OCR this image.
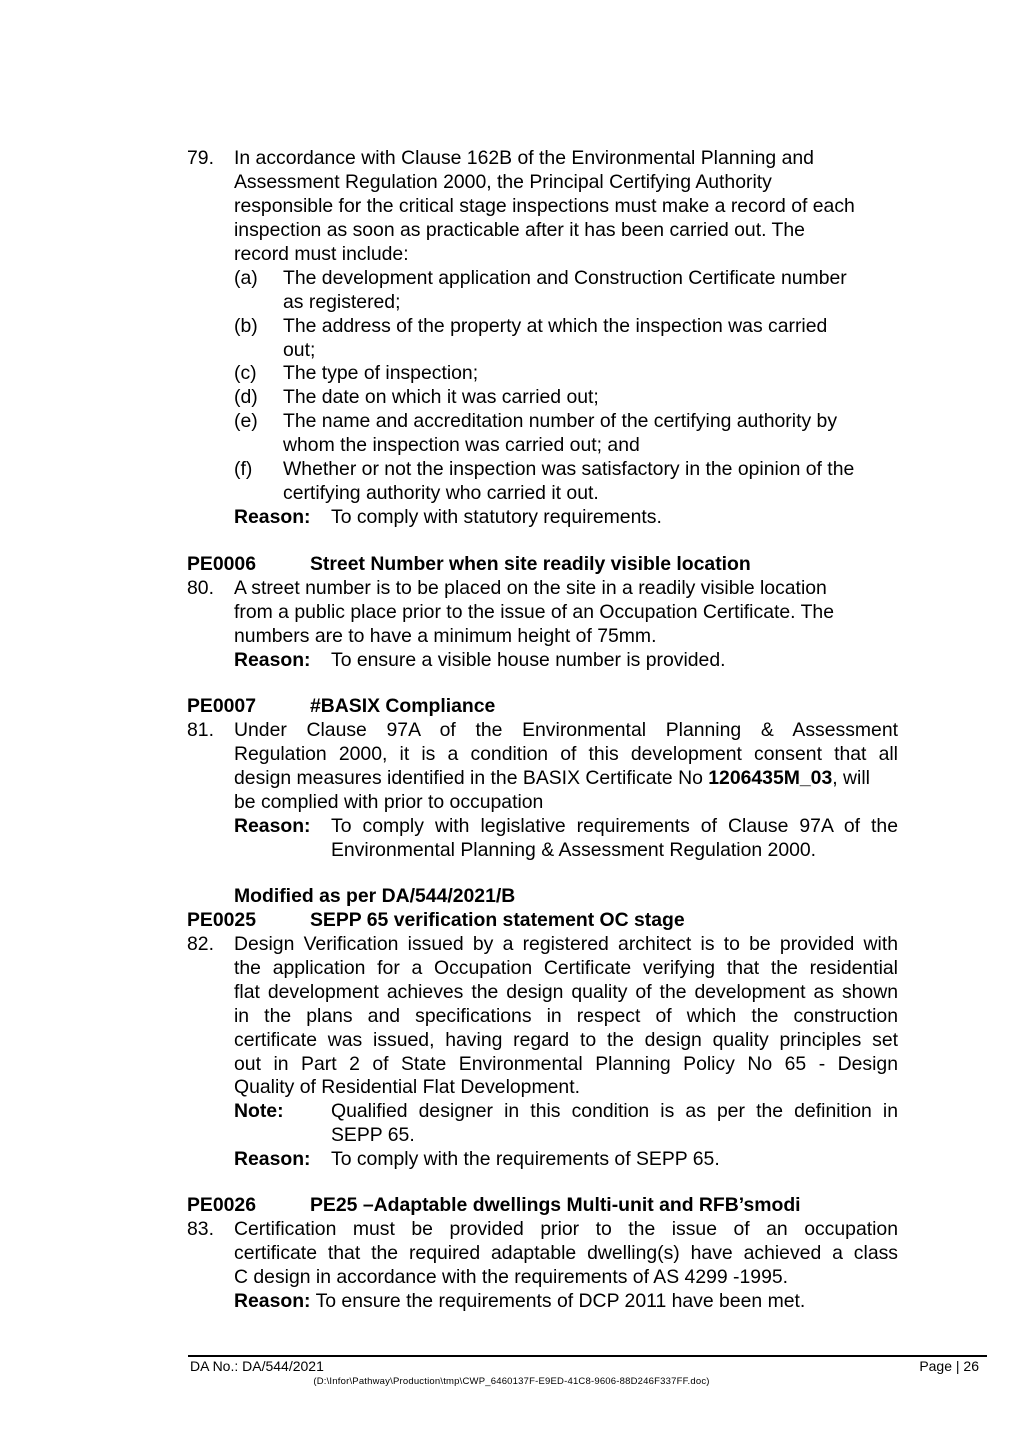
79. In accordance with Clause 162B of the Environmental Planning and
Assessment Regulation 2000, the Principal Certifying Authority
responsible for the critical stage inspections must make a record of each
inspection as soon as practicable after it has been carried out. The
record must include:
(a) The development application and Construction Certificate number
as registered;
(b) The address of the property at which the inspection was carried
out;
(c) The type of inspection;
(d) The date on which it was carried out;
(e) The name and accreditation number of the certifying authority by
whom the inspection was carried out; and
(f) Whether or not the inspection was satisfactory in the opinion of the
certifying authority who carried it out.
Reason: To comply with statutory requirements.
PE0006	Street Number when site readily visible location
80. A street number is to be placed on the site in a readily visible location
from a public place prior to the issue of an Occupation Certificate. The
numbers are to have a minimum height of 75mm.
Reason: To ensure a visible house number is provided.
PE0007	#BASIX Compliance
81. Under Clause 97A of the Environmental Planning & Assessment
Regulation 2000, it is a condition of this development consent that all
design measures identified in the BASIX Certificate No 1206435M_03, will
be complied with prior to occupation
Reason: To comply with legislative requirements of Clause 97A of the
Environmental Planning & Assessment Regulation 2000.
Modified as per DA/544/2021/B
PE0025	SEPP 65 verification statement OC stage
82. Design Verification issued by a registered architect is to be provided with
the application for a Occupation Certificate verifying that the residential
flat development achieves the design quality of the development as shown
in the plans and specifications in respect of which the construction
certificate was issued, having regard to the design quality principles set
out in Part 2 of State Environmental Planning Policy No 65 - Design
Quality of Residential Flat Development.
Note: Qualified designer in this condition is as per the definition in
SEPP 65.
Reason: To comply with the requirements of SEPP 65.
PE0026	PE25 –Adaptable dwellings Multi-unit and RFB’smodi
83. Certification must be provided prior to the issue of an occupation
certificate that the required adaptable dwelling(s) have achieved a class
C design in accordance with the requirements of AS 4299 -1995.
Reason: To ensure the requirements of DCP 2011 have been met.
DA No.: DA/544/2021	Page | 26
(D:\Infor\Pathway\Production\tmp\CWP_6460137F-E9ED-41C8-9606-88D246F337FF.doc)
